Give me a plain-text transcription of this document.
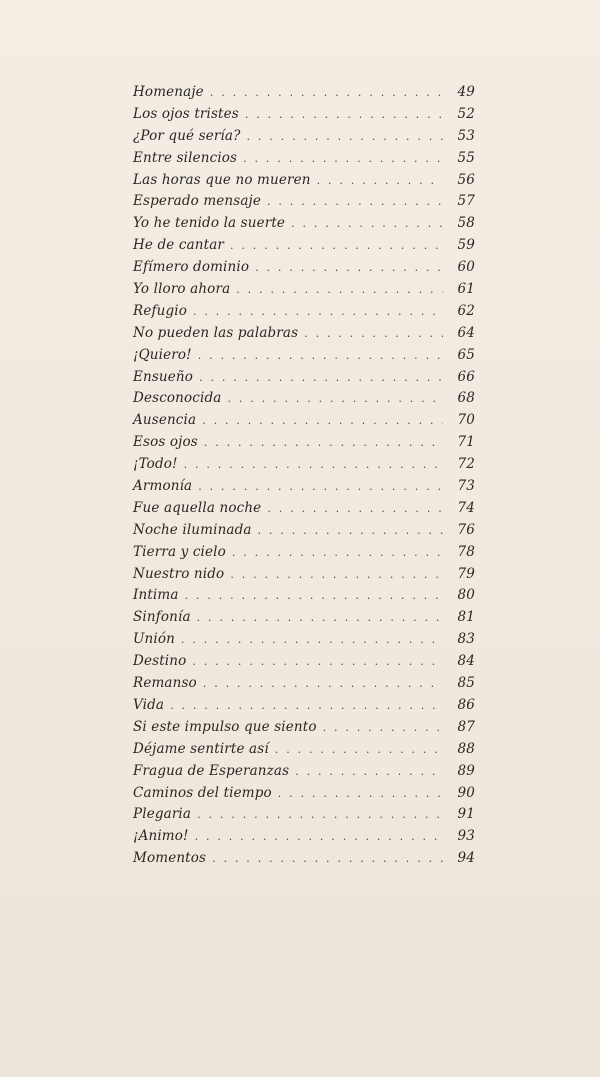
Homenaje . . .	49
Los ojos tristes . . .	52
¿Por qué sería? . . .	53
Entre silencios . . .	55
Las horas que no mueren . . .	56
Esperado mensaje . . .	57
Yo he tenido la suerte . . .	58
He de cantar . . .	59
Efímero dominio . . .	60
Yo lloro ahora . . .	61
Refugio . . .	62
No pueden las palabras . . .	64
¡Quiero! . . .	65
Ensueño . . .	66
Desconocida . . .	68
Ausencia . . .	70
Esos ojos . . .	71
¡Todo! . . .	72
Armonía . . .	73
Fue aquella noche . . .	74
Noche iluminada . . .	76
Tierra y cielo . . .	78
Nuestro nido . . .	79
Intima . . .	80
Sinfonía . . .	81
Unión . . .	83
Destino . . .	84
Remanso . . .	85
Vida . . .	86
Si este impulso que siento . . .	87
Déjame sentirte así . . .	88
Fragua de Esperanzas . . .	89
Caminos del tiempo . . .	90
Plegaria . . .	91
¡Animo! . . .	93
Momentos . . .	94
